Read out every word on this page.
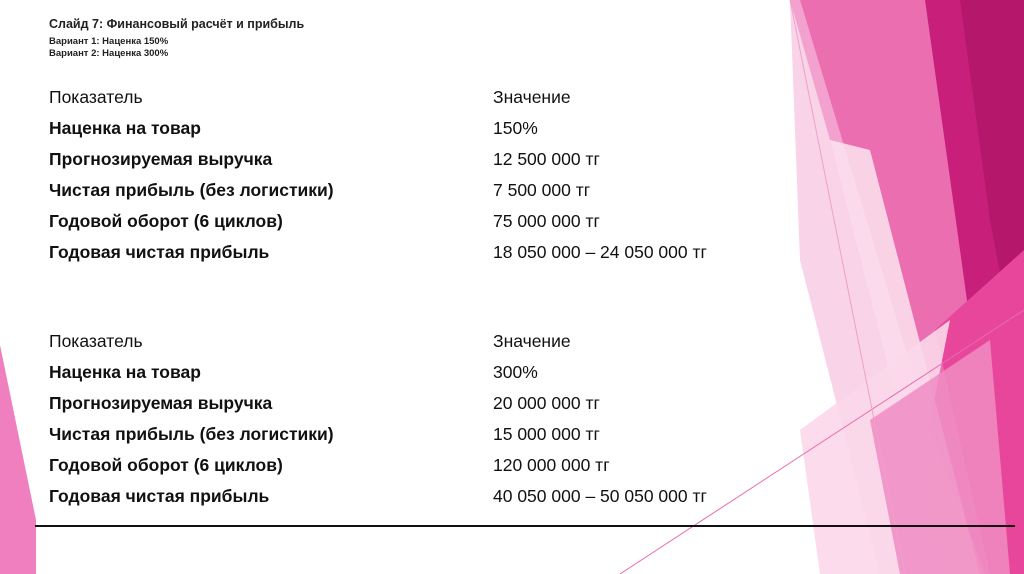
Слайд 7: Финансовый расчёт и прибыль
Вариант 1: Наценка 150%
Вариант 2: Наценка 300%
Показатель	Значение
Наценка на товар	150%
Прогнозируемая выручка	12 500 000 тг
Чистая прибыль (без логистики)	7 500 000 тг
Годовой оборот (6 циклов)	75 000 000 тг
Годовая чистая прибыль	18 050 000 – 24 050 000 тг
Показатель	Значение
Наценка на товар	300%
Прогнозируемая выручка	20 000 000 тг
Чистая прибыль (без логистики)	15 000 000 тг
Годовой оборот (6 циклов)	120 000 000 тг
Годовая чистая прибыль	40 050 000 – 50 050 000 тг
